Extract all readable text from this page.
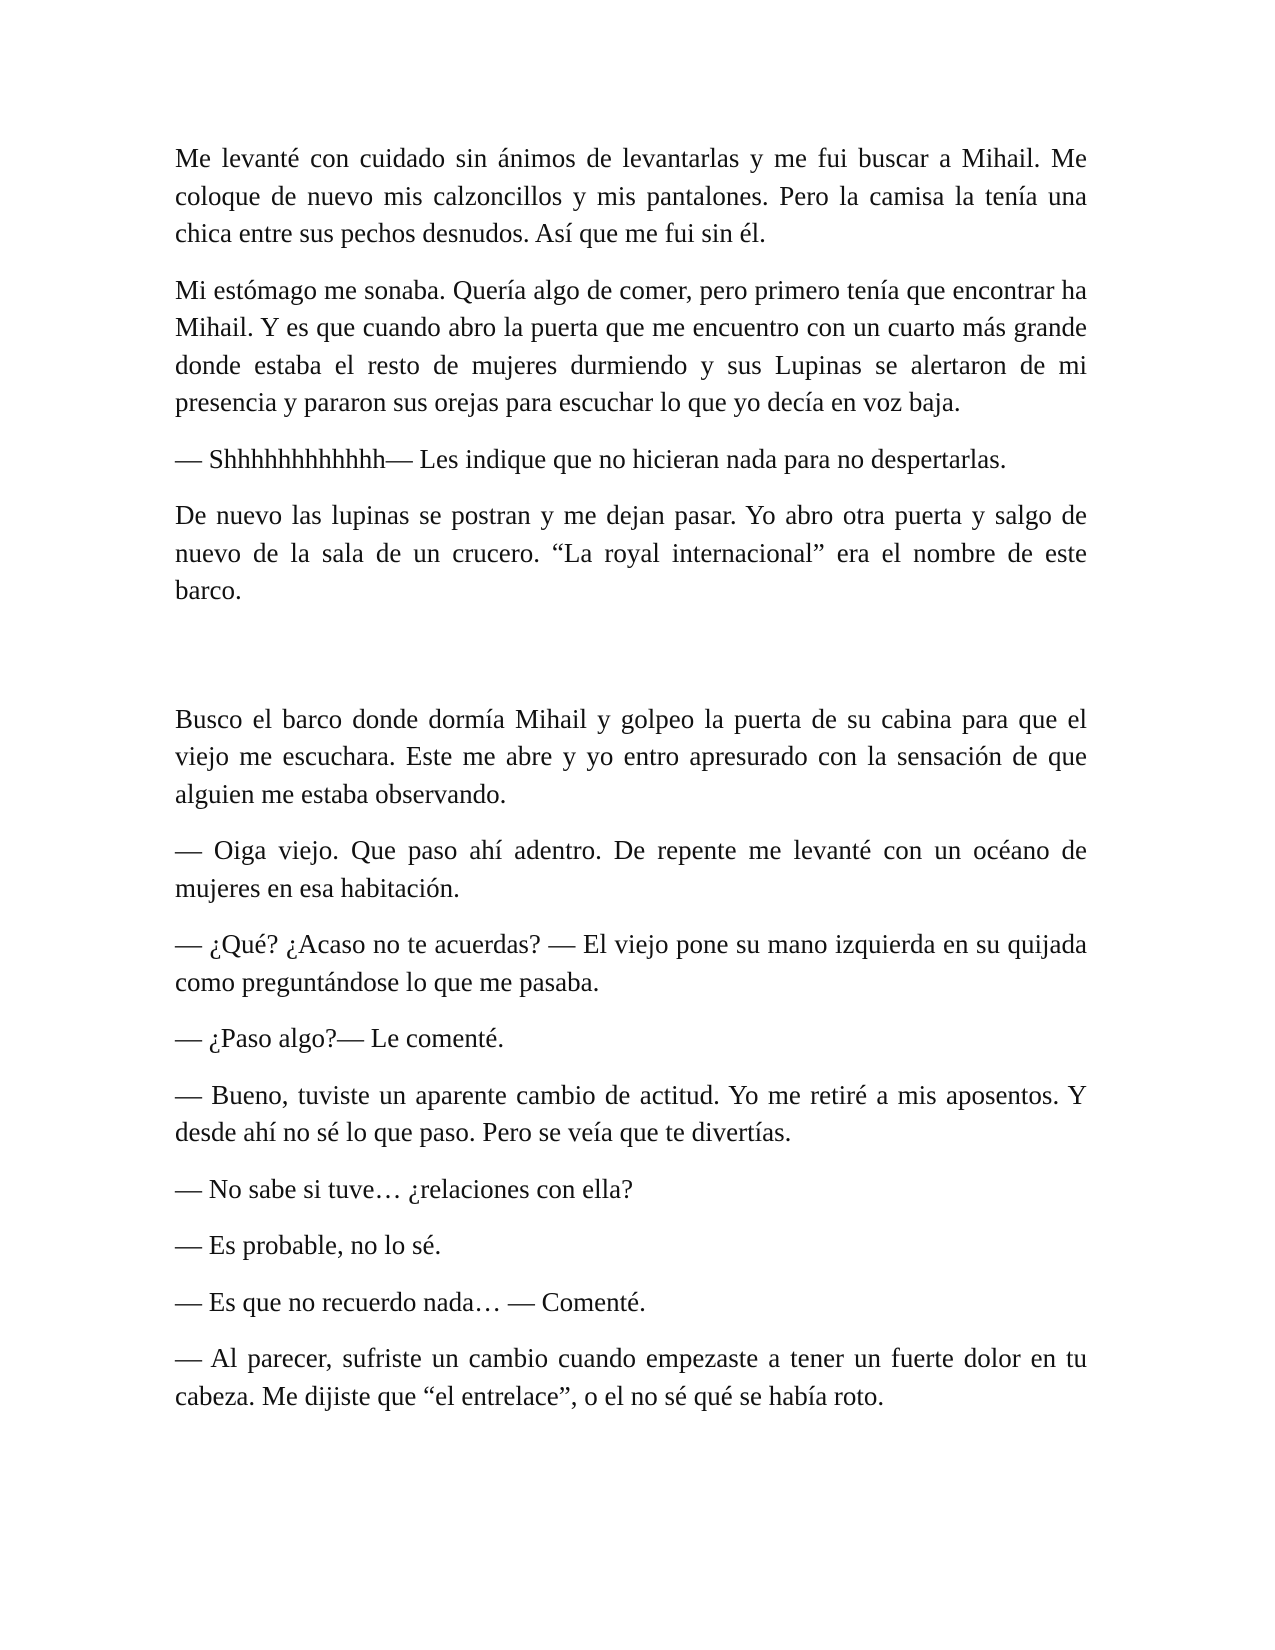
Me levanté con cuidado sin ánimos de levantarlas y me fui buscar a Mihail. Me coloque de nuevo mis calzoncillos y mis pantalones. Pero la camisa la tenía una chica entre sus pechos desnudos. Así que me fui sin él.

Mi estómago me sonaba. Quería algo de comer, pero primero tenía que encontrar ha Mihail. Y es que cuando abro la puerta que me encuentro con un cuarto más grande donde estaba el resto de mujeres durmiendo y sus Lupinas se alertaron de mi presencia y pararon sus orejas para escuchar lo que yo decía en voz baja.

— Shhhhhhhhhhhh— Les indique que no hicieran nada para no despertarlas.

De nuevo las lupinas se postran y me dejan pasar. Yo abro otra puerta y salgo de nuevo de la sala de un crucero. “La royal internacional” era el nombre de este barco.

Busco el barco donde dormía Mihail y golpeo la puerta de su cabina para que el viejo me escuchara. Este me abre y yo entro apresurado con la sensación de que alguien me estaba observando.

— Oiga viejo. Que paso ahí adentro. De repente me levanté con un océano de mujeres en esa habitación.

— ¿Qué? ¿Acaso no te acuerdas? — El viejo pone su mano izquierda en su quijada como preguntándose lo que me pasaba.

— ¿Paso algo?— Le comenté.

— Bueno, tuviste un aparente cambio de actitud. Yo me retiré a mis aposentos. Y desde ahí no sé lo que paso. Pero se veía que te divertías.

— No sabe si tuve… ¿relaciones con ella?

— Es probable, no lo sé.

— Es que no recuerdo nada… — Comenté.

— Al parecer, sufriste un cambio cuando empezaste a tener un fuerte dolor en tu cabeza. Me dijiste que “el entrelace”, o el no sé qué se había roto.
